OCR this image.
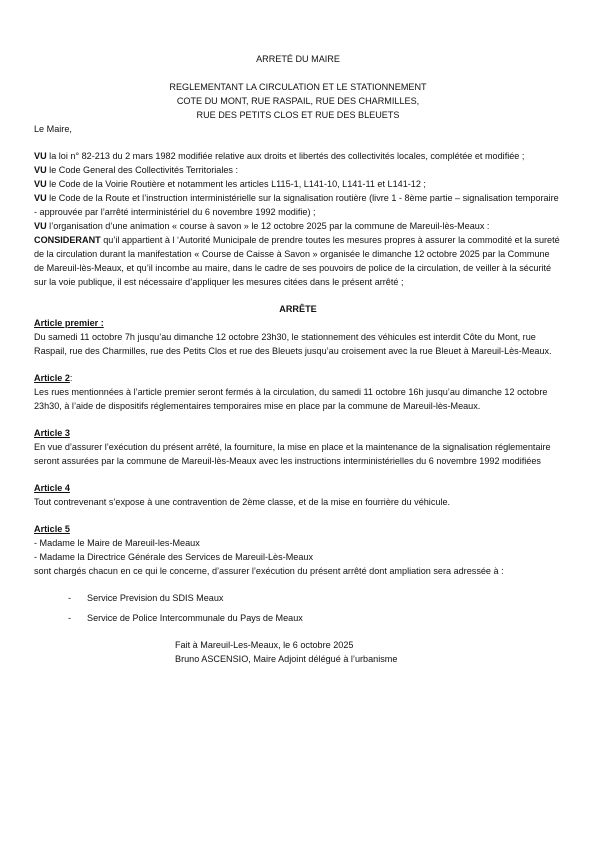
ARRETÉ DU MAIRE
REGLEMENTANT LA CIRCULATION ET LE STATIONNEMENT
COTE DU MONT, RUE RASPAIL, RUE DES CHARMILLES,
RUE DES PETITS CLOS ET RUE DES BLEUETS

Le Maire,

VU la loi n° 82-213 du 2 mars 1982 modifiée relative aux droits et libertés des collectivités locales, complétée et modifiée ;

VU le Code General des Collectivités Territoriales :

VU le Code de la Voirie Routière et notamment les articles L115-1, L141-10, L141-11 et L141-12 ;

VU le Code de la Route et l’instruction interministérielle sur la signalisation routière (livre 1 - 8ème partie – signalisation temporaire - approuvée par l’arrêté interministériel du 6 novembre 1992 modifie) ;

VU l’organisation d’une animation « course à savon » le 12 octobre 2025 par la commune de Mareuil-lès-Meaux :

CONSIDERANT qu’il appartient à l ‘Autorité Municipale de prendre toutes les mesures propres à assurer la commodité et la sureté de la circulation durant la manifestation « Course de Caisse à Savon » organisée le dimanche 12 octobre 2025 par la Commune de Mareuil-lès-Meaux, et qu’il incombe au maire, dans le cadre de ses pouvoirs de police de la circulation, de veiller à la sécurité sur la voie publique, il est nécessaire d’appliquer les mesures citées dans le présent arrêté ;

ARRÊTE

Article premier :

Du samedi 11 octobre 7h jusqu’au dimanche 12 octobre 23h30, le stationnement des véhicules est interdit Côte du Mont, rue Raspail, rue des Charmilles, rue des Petits Clos et rue des Bleuets jusqu’au croisement avec la rue Bleuet à Mareuil-Lès-Meaux.

Article 2:

Les rues mentionnées à l’article premier seront fermés à la circulation, du samedi 11 octobre 16h jusqu’au dimanche 12 octobre 23h30, à l’aide de dispositifs réglementaires temporaires mise en place par la commune de Mareuil-lès-Meaux.

Article 3

En vue d’assurer l’exécution du présent arrêté, la fourniture, la mise en place et la maintenance de la signalisation réglementaire seront assurées par la commune de Mareuil-lès-Meaux avec les instructions interministérielles du 6 novembre 1992 modifiées

Article 4

Tout contrevenant s’expose à une contravention de 2ème classe, et de la mise en fourrière du véhicule.

Article 5

- Madame le Maire de Mareuil-les-Meaux

- Madame la Directrice Générale des Services de Mareuil-Lès-Meaux

sont chargés chacun en ce qui le concerne, d’assurer l’exécution du présent arrêté dont ampliation sera adressée à :

- Service Prevision du SDIS Meaux

- Service de Police Intercommunale du Pays de Meaux

Fait à Mareuil-Les-Meaux, le 6 octobre 2025

Bruno ASCENSIO, Maire Adjoint délégué à l’urbanisme
